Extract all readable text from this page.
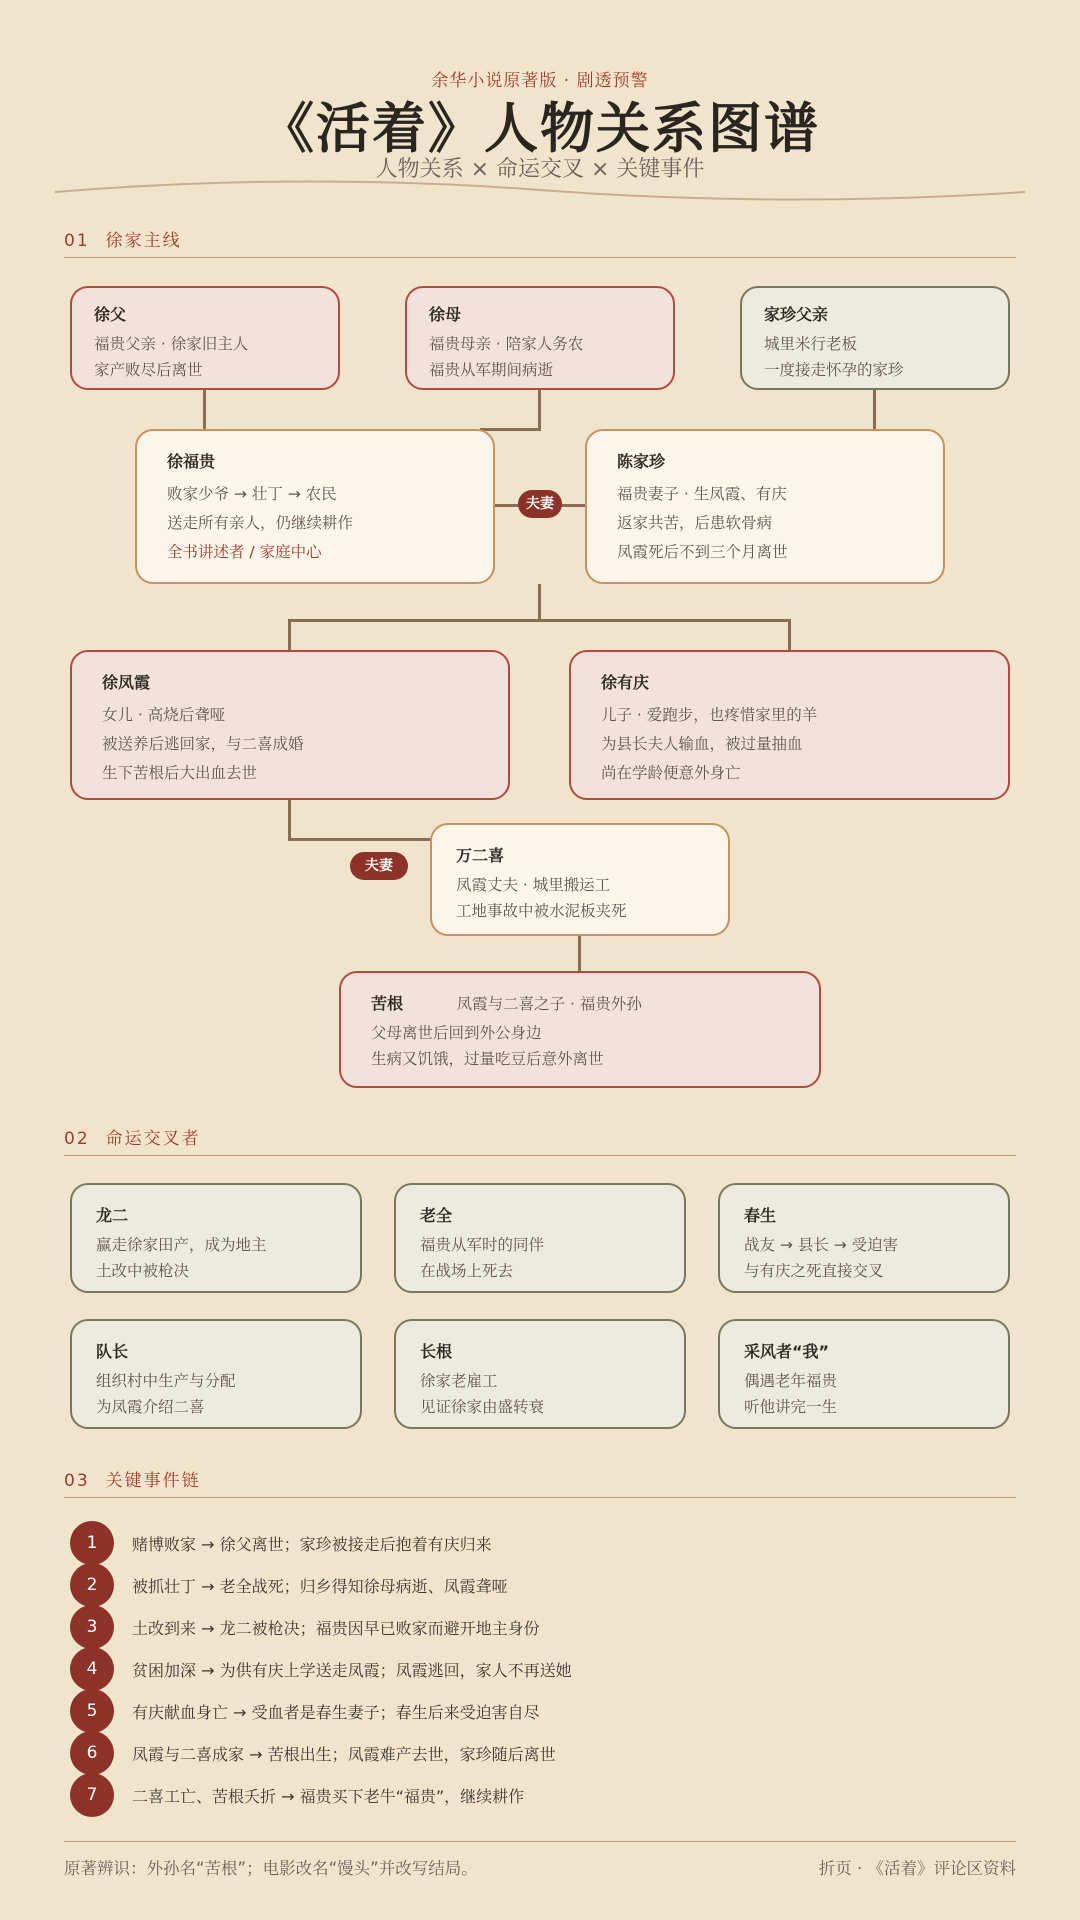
余华小说原著版 · 剧透预警
《活着》人物关系图谱
人物关系 × 命运交叉 × 关键事件
01 徐家主线
徐父
福贵父亲 · 徐家旧主人
家产败尽后离世
徐母
福贵母亲 · 陪家人务农
福贵从军期间病逝
家珍父亲
城里米行老板
一度接走怀孕的家珍
徐福贵
败家少爷 → 壮丁 → 农民
送走所有亲人，仍继续耕作
全书讲述者 / 家庭中心
陈家珍
福贵妻子 · 生凤霞、有庆
返家共苦，后患软骨病
凤霞死后不到三个月离世
夫妻
徐凤霞
女儿 · 高烧后聋哑
被送养后逃回家，与二喜成婚
生下苦根后大出血去世
徐有庆
儿子 · 爱跑步，也疼惜家里的羊
为县长夫人输血，被过量抽血
尚在学龄便意外身亡
夫妻
万二喜
凤霞丈夫 · 城里搬运工
工地事故中被水泥板夹死
苦根	凤霞与二喜之子 · 福贵外孙
父母离世后回到外公身边
生病又饥饿，过量吃豆后意外离世
02 命运交叉者
龙二
赢走徐家田产，成为地主
土改中被枪决
老全
福贵从军时的同伴
在战场上死去
春生
战友 → 县长 → 受迫害
与有庆之死直接交叉
队长
组织村中生产与分配
为凤霞介绍二喜
长根
徐家老雇工
见证徐家由盛转衰
采风者“我”
偶遇老年福贵
听他讲完一生
03 关键事件链
1	赌博败家 → 徐父离世；家珍被接走后抱着有庆归来
2	被抓壮丁 → 老全战死；归乡得知徐母病逝、凤霞聋哑
3	土改到来 → 龙二被枪决；福贵因早已败家而避开地主身份
4	贫困加深 → 为供有庆上学送走凤霞；凤霞逃回，家人不再送她
5	有庆献血身亡 → 受血者是春生妻子；春生后来受迫害自尽
6	凤霞与二喜成家 → 苦根出生；凤霞难产去世，家珍随后离世
7	二喜工亡、苦根夭折 → 福贵买下老牛“福贵”，继续耕作
原著辨识：外孙名“苦根”；电影改名“馒头”并改写结局。	折页 · 《活着》评论区资料
